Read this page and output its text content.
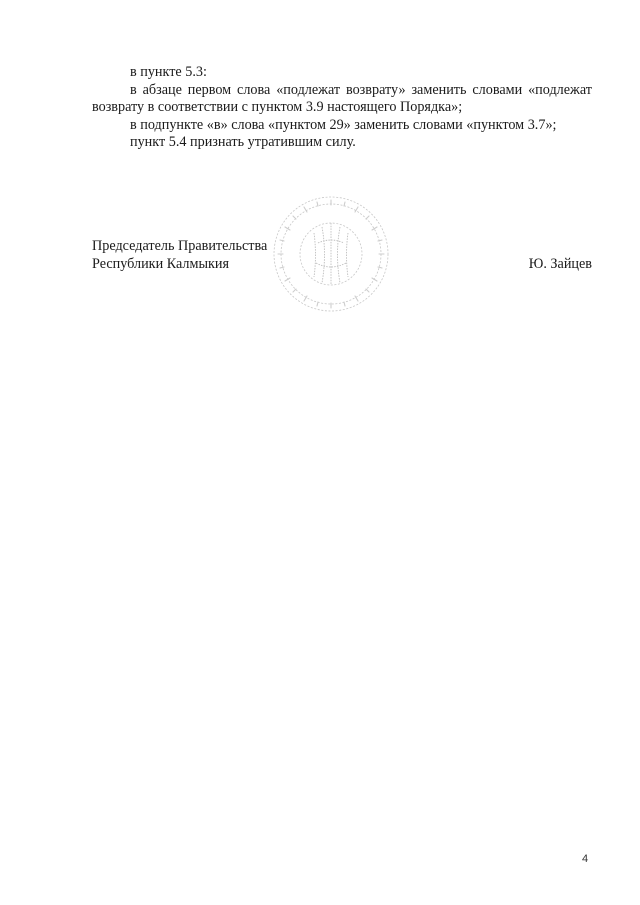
в пункте 5.3:

в абзаце первом слова «подлежат возврату» заменить словами «подлежат возврату в соответствии с пунктом 3.9 настоящего Порядка»;

в подпункте «в» слова «пунктом 29» заменить словами «пунктом 3.7»;

пункт 5.4 признать утратившим силу.

Председатель Правительства
Республики Калмыкия	Ю. Зайцев
4
